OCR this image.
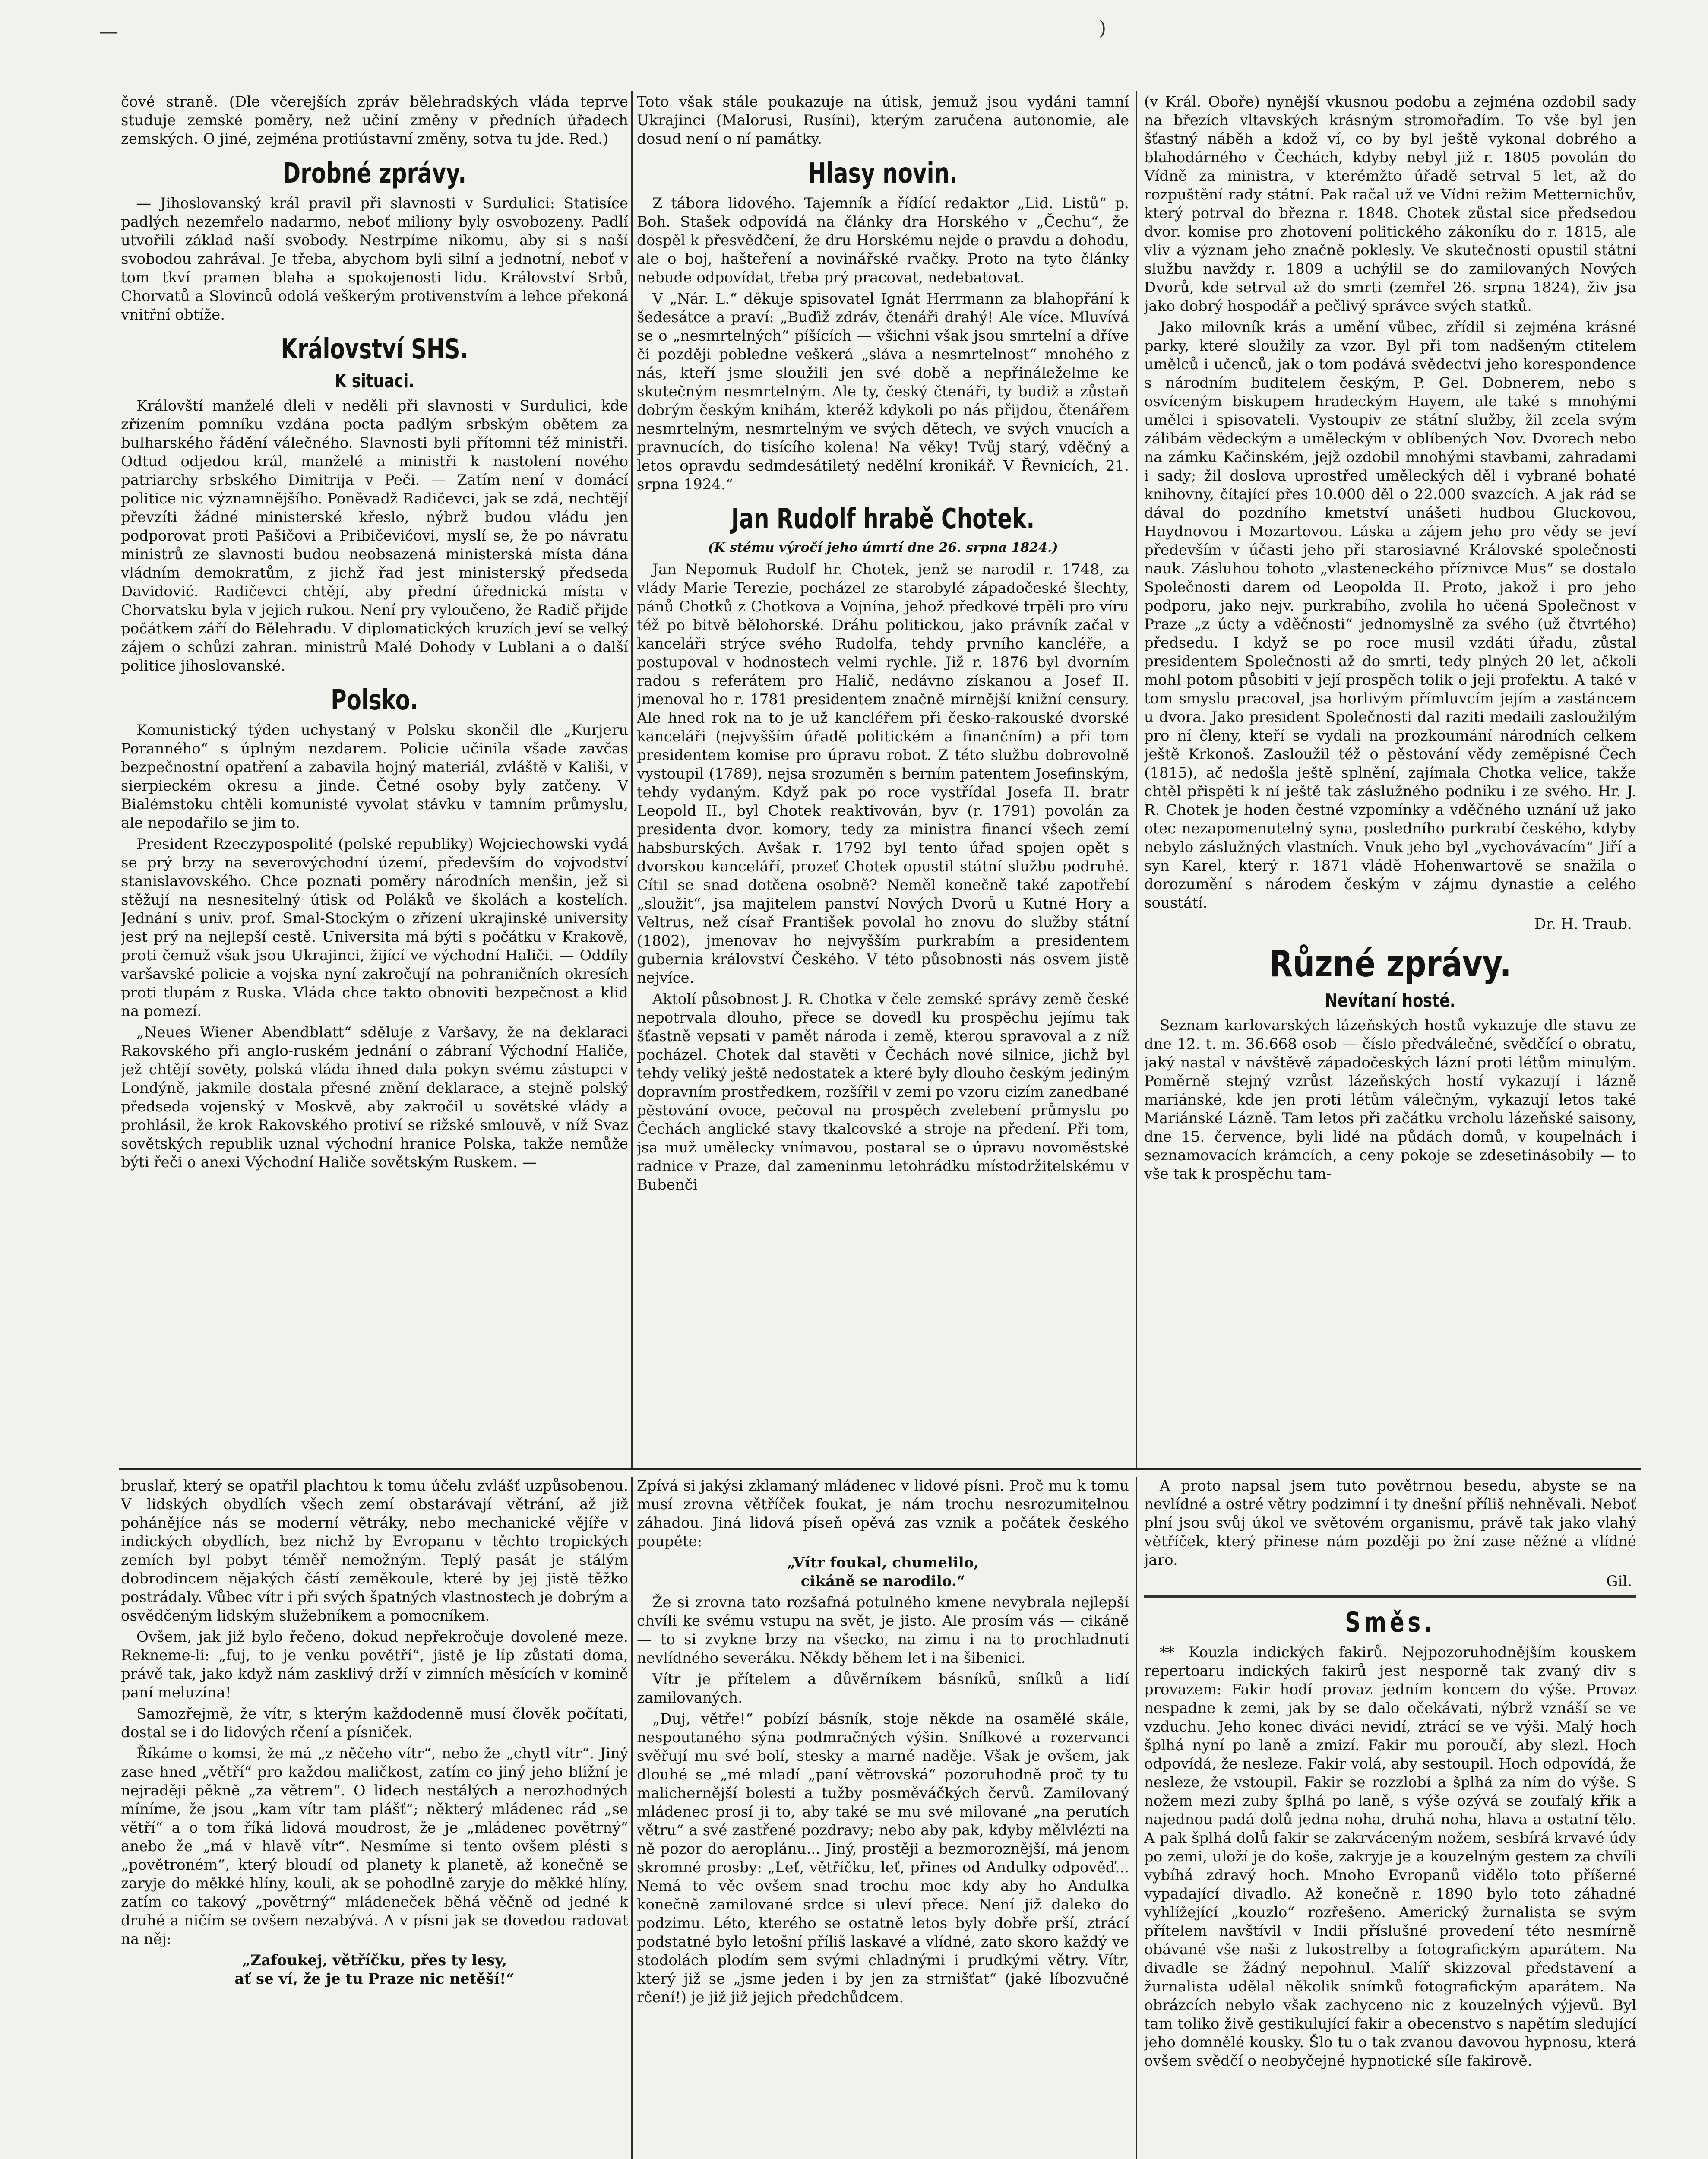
—	)

čové straně. (Dle včerejších zpráv bělehradských vláda teprve studuje zemské poměry, než učiní změny v předních úřadech zemských. O jiné, zejména protiústavní změny, sotva tu jde. Red.)

Drobné zprávy.

— Jihoslovanský král pravil při slavnosti v Surdulici: Statisíce padlých nezemřelo nadarmo, neboť miliony byly osvobozeny. Padlí utvořili základ naší svobody. Nestrpíme nikomu, aby si s naší svobodou zahrával. Je třeba, abychom byli silní a jednotní, neboť v tom tkví pramen blaha a spokojenosti lidu. Království Srbů, Chorvatů a Slovinců odolá veškerým protivenstvím a lehce překoná vnitřní obtíže.

Království SHS.
K situaci.

Královští manželé dleli v neděli při slavnosti v Surdulici, kde zřízením pomníku vzdána pocta padlým srbským obětem za bulharského řádění válečného. Slavnosti byli přítomni též ministři. Odtud odjedou král, manželé a ministři k nastolení nového patriarchy srbského Dimitrija v Peči. — Zatím není v domácí politice nic významnějšího. Poněvadž Radičevci, jak se zdá, nechtějí převzíti žádné ministerské křeslo, nýbrž budou vládu jen podporovat proti Pašičovi a Pribičevićovi, myslí se, že po návratu ministrů ze slavnosti budou neobsazená ministerská místa dána vládním demokratům, z jichž řad jest ministerský předseda Davidović. Radičevci chtějí, aby přední úřednická místa v Chorvatsku byla v jejich rukou. Není pry vyloučeno, že Radič přijde počátkem září do Bělehradu. V diplomatických kruzích jeví se velký zájem o schůzi zahran. ministrů Malé Dohody v Lublani a o další politice jihoslovanské.

Polsko.

Komunistický týden uchystaný v Polsku skončil dle „Kurjeru Poranného“ s úplným nezdarem. Policie učinila všade zavčas bezpečnostní opatření a zabavila hojný materiál, zvláště v Kališi, v sierpieckém okresu a jinde. Četné osoby byly zatčeny. V Bialémstoku chtěli komunisté vyvolat stávku v tamním průmyslu, ale nepodařilo se jim to.

President Rzeczypospolité (polské republiky) Wojciechowski vydá se prý brzy na severovýchodní území, především do vojvodství stanislavovského. Chce poznati poměry národních menšin, jež si stěžují na nesnesitelný útisk od Poláků ve školách a kostelích. Jednání s univ. prof. Smal-Stockým o zřízení ukrajinské university jest prý na nejlepší cestě. Universita má býti s počátku v Krakově, proti čemuž však jsou Ukrajinci, žijící ve východní Haliči. — Oddíly varšavské policie a vojska nyní zakročují na pohraničních okresích proti tlupám z Ruska. Vláda chce takto obnoviti bezpečnost a klid na pomezí.

„Neues Wiener Abendblatt“ sděluje z Varšavy, že na deklaraci Rakovského při anglo-ruském jednání o zábraní Východní Haliče, jež chtějí sověty, polská vláda ihned dala pokyn svému zástupci v Londýně, jakmile dostala přesné znění deklarace, a stejně polský předseda vojenský v Moskvě, aby zakročil u sovětské vlády a prohlásil, že krok Rakovského protiví se rižské smlouvě, v níž Svaz sovětských republik uznal východní hranice Polska, takže nemůže býti řeči o anexi Východní Haliče sovětským Ruskem. —

Toto však stále poukazuje na útisk, jemuž jsou vydáni tamní Ukrajinci (Malorusi, Rusíni), kterým zaručena autonomie, ale dosud není o ní památky.

Hlasy novin.

Z tábora lidového. Tajemník a řídící redaktor „Lid. Listů“ p. Boh. Stašek odpovídá na články dra Horského v „Čechu“, že dospěl k přesvědčení, že dru Horskému nejde o pravdu a dohodu, ale o boj, hašteření a novinářské rvačky. Proto na tyto články nebude odpovídat, třeba prý pracovat, nedebatovat.

V „Nár. L.“ děkuje spisovatel Ignát Herrmann za blahopřání k šedesátce a praví: „Buďiž zdráv, čtenáři drahý! Ale více. Mluvívá se o „nesmrtelných“ píšících — všichni však jsou smrtelní a dříve či později pobledne veškerá „sláva a nesmrtelnost“ mnohého z nás, kteří jsme sloužili jen své době a nepřináleželme ke skutečným nesmrtelným. Ale ty, český čtenáři, ty budiž a zůstaň dobrým českým knihám, kteréž kdykoli po nás přijdou, čtenářem nesmrtelným, nesmrtelným ve svých dětech, ve svých vnucích a pravnucích, do tisícího kolena! Na věky! Tvůj starý, vděčný a letos opravdu sedmdesátiletý nedělní kronikář. V Řevnicích, 21. srpna 1924.“

Jan Rudolf hrabě Chotek.
(K stému výročí jeho úmrtí dne 26. srpna 1824.)

Jan Nepomuk Rudolf hr. Chotek, jenž se narodil r. 1748, za vlády Marie Terezie, pocházel ze starobylé západočeské šlechty, pánů Chotků z Chotkova a Vojnína, jehož předkové trpěli pro víru též po bitvě bělohorské. Dráhu politickou, jako právník začal v kanceláři strýce svého Rudolfa, tehdy prvního kancléře, a postupoval v hodnostech velmi rychle. Již r. 1876 byl dvorním radou s referátem pro Halič, nedávno získanou a Josef II. jmenoval ho r. 1781 presidentem značně mírnější knižní censury. Ale hned rok na to je už kancléřem při česko-rakouské dvorské kanceláři (nejvyšším úřadě politickém a finančním) a při tom presidentem komise pro úpravu robot. Z této službu dobrovolně vystoupil (1789), nejsa srozuměn s berním patentem Josefinským, tehdy vydaným. Když pak po roce vystřídal Josefa II. bratr Leopold II., byl Chotek reaktivován, byv (r. 1791) povolán za presidenta dvor. komory, tedy za ministra financí všech zemí habsburských. Avšak r. 1792 byl tento úřad spojen opět s dvorskou kanceláří, prozeť Chotek opustil státní službu podruhé. Cítil se snad dotčena osobně? Neměl konečně také zapotřebí „sloužit“, jsa majitelem panství Nových Dvorů u Kutné Hory a Veltrus, než císař František povolal ho znovu do služby státní (1802), jmenovav ho nejvyšším purkrabím a presidentem gubernia království Českého. V této působnosti nás osvem jistě nejvíce.

Aktolí působnost J. R. Chotka v čele zemské správy země české nepotrvala dlouho, přece se dovedl ku prospěchu jejímu tak šťastně vepsati v pamět národa i země, kterou spravoval a z níž pocházel. Chotek dal stavěti v Čechách nové silnice, jichž byl tehdy veliký ještě nedostatek a které byly dlouho českým jediným dopravním prostředkem, rozšířil v zemi po vzoru cizím zanedbané pěstování ovoce, pečoval na prospěch zvelebení průmyslu po Čechách anglické stavy tkalcovské a stroje na předení. Při tom, jsa muž umělecky vnímavou, postaral se o úpravu novoměstské radnice v Praze, dal zameninmu letohrádku místodržitelskému v Bubenči

(v Král. Oboře) nynější vkusnou podobu a zejména ozdobil sady na březích vltavských krásným stromořadím. To vše byl jen šťastný náběh a kdož ví, co by byl ještě vykonal dobrého a blahodárného v Čechách, kdyby nebyl již r. 1805 povolán do Vídně za ministra, v kterémžto úřadě setrval 5 let, až do rozpuštění rady státní. Pak račal už ve Vídni režim Metternichův, který potrval do března r. 1848. Chotek zůstal sice předsedou dvor. komise pro zhotovení politického zákoníku do r. 1815, ale vliv a význam jeho značně poklesly. Ve skutečnosti opustil státní službu navždy r. 1809 a uchýlil se do zamilovaných Nových Dvorů, kde setrval až do smrti (zemřel 26. srpna 1824), živ jsa jako dobrý hospodář a pečlivý správce svých statků.

Jako milovník krás a umění vůbec, zřídil si zejména krásné parky, které sloužily za vzor. Byl při tom nadšeným ctitelem umělců i učenců, jak o tom podává svědectví jeho korespondence s národním buditelem českým, P. Gel. Dobnerem, nebo s osvíceným biskupem hradeckým Hayem, ale také s mnohými umělci i spisovateli. Vystoupiv ze státní služby, žil zcela svým zálibám vědeckým a uměleckým v oblíbených Nov. Dvorech nebo na zámku Kačinském, jejž ozdobil mnohými stavbami, zahradami i sady; žil doslova uprostřed uměleckých děl i vybrané bohaté knihovny, čítající přes 10.000 děl o 22.000 svazcích. A jak rád se dával do pozdního kmetství unášeti hudbou Gluckovou, Haydnovou i Mozartovou. Láska a zájem jeho pro vědy se jeví především v účasti jeho při starosiavné Královské společnosti nauk. Zásluhou tohoto „vlasteneckého příznivce Mus“ se dostalo Společnosti darem od Leopolda II. Proto, jakož i pro jeho podporu, jako nejv. purkrabího, zvolila ho učená Společnost v Praze „z úcty a vděčnosti“ jednomyslně za svého (už čtvrtého) předsedu. I když se po roce musil vzdáti úřadu, zůstal presidentem Společnosti až do smrti, tedy plných 20 let, ačkoli mohl potom působiti v její prospěch tolik o jeji profektu. A také v tom smyslu pracoval, jsa horlivým přímluvcím jejím a zastáncem u dvora. Jako president Společnosti dal raziti medaili zasloužilým pro ní členy, kteří se vydali na prozkoumání národních celkem ještě Krkonoš. Zasloužil též o pěstování vědy zeměpisné Čech (1815), ač nedošla ještě splnění, zajímala Chotka velice, takže chtěl přispěti k ní ještě tak záslužného podniku i ze svého. Hr. J. R. Chotek je hoden čestné vzpomínky a vděčného uznání už jako otec nezapomenutelný syna, posledního purkrabí českého, kdyby nebylo záslužných vlastních. Vnuk jeho byl „vychovávacím“ Jiří a syn Karel, který r. 1871 vládě Hohenwartově se snažila o dorozumění s národem českým v zájmu dynastie a celého soustátí.

Dr. H. Traub.
Různé zprávy.
Nevítaní hosté.

Seznam karlovarských lázeňských hostů vykazuje dle stavu ze dne 12. t. m. 36.668 osob — číslo předválečné, svědčící o obratu, jaký nastal v návštěvě západočeských lázní proti létům minulým. Poměrně stejný vzrůst lázeňských hostí vykazují i lázně mariánské, kde jen proti létům válečným, vykazují letos také Mariánské Lázně. Tam letos při začátku vrcholu lázeňské saisony, dne 15. července, byli lidé na půdách domů, v koupelnách i seznamovacích krámcích, a ceny pokoje se zdesetinásobily — to vše tak k prospěchu tam-

bruslař, který se opatřil plachtou k tomu účelu zvlášť uzpůsobenou. V lidských obydlích všech zemí obstarávají větrání, až již pohánějíce nás se moderní větráky, nebo mechanické vějíře v indických obydlích, bez nichž by Evropanu v těchto tropických zemích byl pobyt téměř nemožným. Teplý pasát je stálým dobrodincem nějakých částí zeměkoule, které by jej jistě těžko postrádaly. Vůbec vítr i při svých špatných vlastnostech je dobrým a osvědčeným lidským služebníkem a pomocníkem.

Ovšem, jak již bylo řečeno, dokud nepřekročuje dovolené meze. Rekneme-li: „fuj, to je venku povětří“, jistě je líp zůstati doma, právě tak, jako když nám zasklivý drží v zimních měsících v komině paní meluzína!

Samozřejmě, že vítr, s kterým každodenně musí člověk počítati, dostal se i do lidových rčení a písniček.

Říkáme o komsi, že má „z něčeho vítr“, nebo že „chytl vítr“. Jiný zase hned „větří“ pro každou maličkost, zatím co jiný jeho bližní je nejraději pěkně „za větrem“. O lidech nestálých a nerozhodných míníme, že jsou „kam vítr tam plášť“; některý mládenec rád „se větří“ a o tom říká lidová moudrost, že je „mládenec povětrný“ anebo že „má v hlavě vítr“. Nesmíme si tento ovšem plésti s „povětroném“, který bloudí od planety k planetě, až konečně se zaryje do měkké hlíny, kouli, ak se pohodlně zaryje do měkké hlíny, zatím co takový „povětrný“ mládeneček běhá věčně od jedné k druhé a ničím se ovšem nezabývá. A v písni jak se dovedou radovat na něj:

„Zafoukej, větříčku, přes ty lesy,
ať se ví, že je tu Praze nic netěší!“

Zpívá si jakýsi zklamaný mládenec v lidové písni. Proč mu k tomu musí zrovna větříček foukat, je nám trochu nesrozumitelnou záhadou. Jiná lidová píseň opěvá zas vznik a počátek českého poupěte:

„Vítr foukal, chumelilo,
cikáně se narodilo.“

Že si zrovna tato rozšafná potulného kmene nevybrala nejlepší chvíli ke svému vstupu na svět, je jisto. Ale prosím vás — cikáně — to si zvykne brzy na všecko, na zimu i na to prochladnutí nevlídného severáku. Někdy během let i na šibenici.

Vítr je přítelem a důvěrníkem básníků, snílků a lidí zamilovaných.

„Duj, větře!“ pobízí básník, stoje někde na osamělé skále, nespoutaného sýna podmračných výšin. Snílkové a rozervanci svěřují mu své bolí, stesky a marné naděje. Však je ovšem, jak dlouhé se „mé mladí „paní větrovská“ pozoruhodně proč ty tu malichernější bolesti a tužby posměváčkých červů. Zamilovaný mládenec prosí ji to, aby také se mu své milované „na perutích větru“ a své zastřené pozdravy; nebo aby pak, kdyby mělvlézti na ně pozor do aeroplánu... Jiný, prostěji a bezmoroznější, má jenom skromné prosby: „Leť, větříčku, leť, přines od Andulky odpověď... Nemá to věc ovšem snad trochu moc kdy aby ho Andulka konečně zamilované srdce si uleví přece. Není již daleko do podzimu. Léto, kterého se ostatně letos byly dobře prší, ztrácí podstatné bylo letošní příliš laskavé a vlídné, zato skoro každý ve stodolách plodím sem svými chladnými i prudkými větry. Vítr, který již se „jsme jeden i by jen za strnišťat“ (jaké líbozvučné rčení!) je již již jejich předchůdcem.

A proto napsal jsem tuto povětrnou besedu, abyste se na nevlídné a ostré větry podzimní i ty dnešní příliš nehněvali. Neboť plní jsou svůj úkol ve světovém organismu, právě tak jako vlahý větříček, který přinese nám později po žní zase něžné a vlídné jaro.

Gil.
Směs.

** Kouzla indických fakirů. Nejpozoruhodnějším kouskem repertoaru indických fakirů jest nesporně tak zvaný div s provazem: Fakir hodí provaz jedním koncem do výše. Provaz nespadne k zemi, jak by se dalo očekávati, nýbrž vznáší se ve vzduchu. Jeho konec diváci nevidí, ztrácí se ve výši. Malý hoch šplhá nyní po laně a zmizí. Fakir mu poroučí, aby slezl. Hoch odpovídá, že nesleze. Fakir volá, aby sestoupil. Hoch odpovídá, že nesleze, že vstoupil. Fakir se rozzlobí a šplhá za ním do výše. S nožem mezi zuby šplhá po laně, s výše ozývá se zoufalý křik a najednou padá dolů jedna noha, druhá noha, hlava a ostatní tělo. A pak šplhá dolů fakir se zakrváceným nožem, sesbírá krvavé údy po zemi, uloží je do koše, zakryje je a kouzelným gestem za chvíli vybíhá zdravý hoch. Mnoho Evropanů vidělo toto příšerné vypadající divadlo. Až konečně r. 1890 bylo toto záhadné vyhlížející „kouzlo“ rozřešeno. Americký žurnalista se svým přítelem navštívil v Indii příslušné provedení této nesmírně obávané vše naši z lukostrelby a fotografickým aparátem. Na divadle se žádný nepohnul. Malíř skizzoval představení a žurnalista udělal několik snímků fotografickým aparátem. Na obrázcích nebylo však zachyceno nic z kouzelných výjevů. Byl tam toliko živě gestikulující fakir a obecenstvo s napětím sledující jeho domnělé kousky. Šlo tu o tak zvanou davovou hypnosu, která ovšem svědčí o neobyčejné hypnotické síle fakirově.
